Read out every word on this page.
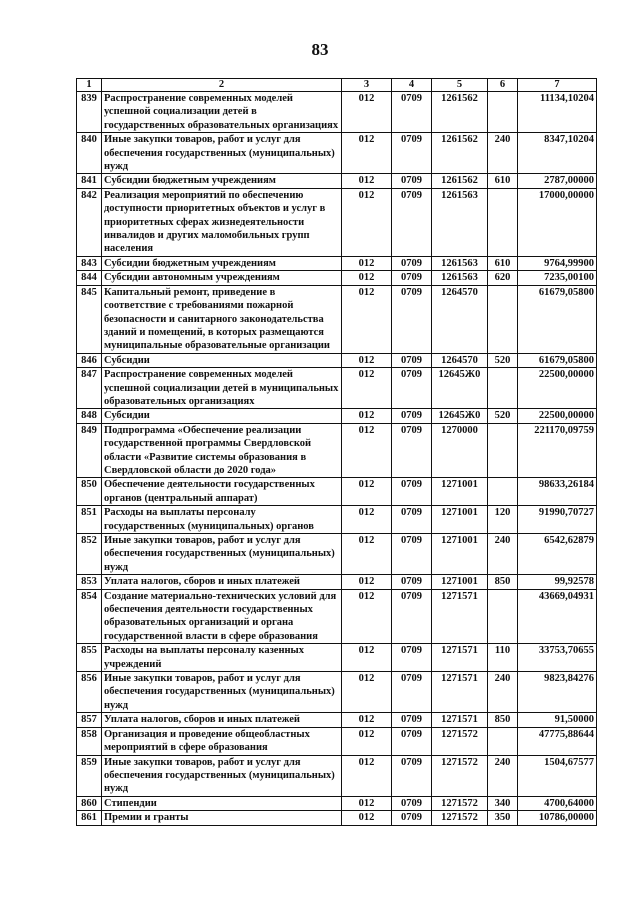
83
1	2	3	4	5	6	7
839	Распространение современных моделей успешной социализации детей в государственных образовательных организациях	012	0709	1261562		11134,10204
840	Иные закупки товаров, работ и услуг для обеспечения государственных (муниципальных) нужд	012	0709	1261562	240	8347,10204
841	Субсидии бюджетным учреждениям	012	0709	1261562	610	2787,00000
842	Реализация мероприятий по обеспечению доступности приоритетных объектов и услуг в приоритетных сферах жизнедеятельности инвалидов и других маломобильных групп населения	012	0709	1261563		17000,00000
843	Субсидии бюджетным учреждениям	012	0709	1261563	610	9764,99900
844	Субсидии автономным учреждениям	012	0709	1261563	620	7235,00100
845	Капитальный ремонт, приведение в соответствие с требованиями пожарной безопасности и санитарного законодательства зданий и помещений, в которых размещаются муниципальные образовательные организации	012	0709	1264570		61679,05800
846	Субсидии	012	0709	1264570	520	61679,05800
847	Распространение современных моделей успешной социализации детей в муниципальных образовательных организациях	012	0709	12645Ж0		22500,00000
848	Субсидии	012	0709	12645Ж0	520	22500,00000
849	Подпрограмма «Обеспечение реализации государственной программы Свердловской области «Развитие системы образования в Свердловской области до 2020 года»	012	0709	1270000		221170,09759
850	Обеспечение деятельности государственных органов (центральный аппарат)	012	0709	1271001		98633,26184
851	Расходы на выплаты персоналу государственных (муниципальных) органов	012	0709	1271001	120	91990,70727
852	Иные закупки товаров, работ и услуг для обеспечения государственных (муниципальных) нужд	012	0709	1271001	240	6542,62879
853	Уплата налогов, сборов и иных платежей	012	0709	1271001	850	99,92578
854	Создание материально-технических условий для обеспечения деятельности государственных образовательных организаций и органа государственной власти в сфере образования	012	0709	1271571		43669,04931
855	Расходы на выплаты персоналу казенных учреждений	012	0709	1271571	110	33753,70655
856	Иные закупки товаров, работ и услуг для обеспечения государственных (муниципальных) нужд	012	0709	1271571	240	9823,84276
857	Уплата налогов, сборов и иных платежей	012	0709	1271571	850	91,50000
858	Организация и проведение общеобластных мероприятий в сфере образования	012	0709	1271572		47775,88644
859	Иные закупки товаров, работ и услуг для обеспечения государственных (муниципальных) нужд	012	0709	1271572	240	1504,67577
860	Стипендии	012	0709	1271572	340	4700,64000
861	Премии и гранты	012	0709	1271572	350	10786,00000
